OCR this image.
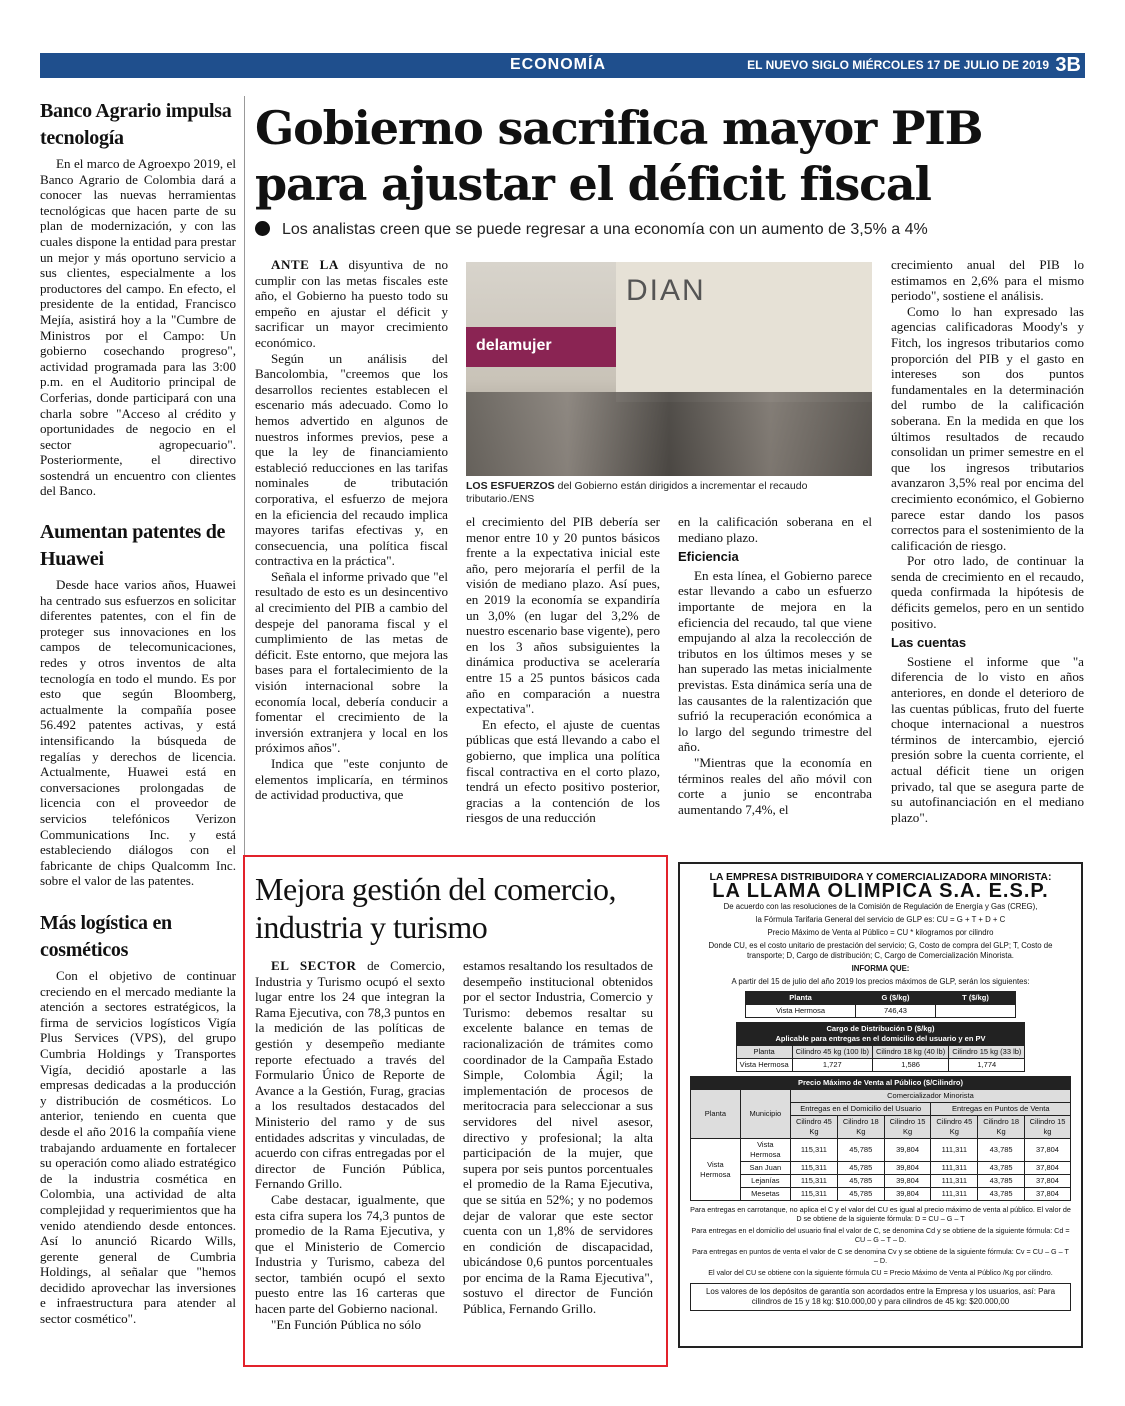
ECONOMÍA	EL NUEVO SIGLO MIÉRCOLES 17 DE JULIO DE 2019 3B
Banco Agrario impulsa tecnología

En el marco de Agroexpo 2019, el Banco Agrario de Colombia dará a conocer las nuevas herramientas tecnológicas que hacen parte de su plan de modernización, y con las cuales dispone la entidad para prestar un mejor y más oportuno servicio a sus clientes, especialmente a los productores del campo. En efecto, el presidente de la entidad, Francisco Mejía, asistirá hoy a la "Cumbre de Ministros por el Campo: Un gobierno cosechando progreso", actividad programada para las 3:00 p.m. en el Auditorio principal de Corferias, donde participará con una charla sobre "Acceso al crédito y oportunidades de negocio en el sector agropecuario". Posteriormente, el directivo sostendrá un encuentro con clientes del Banco.

Aumentan patentes de Huawei

Desde hace varios años, Huawei ha centrado sus esfuerzos en solicitar diferentes patentes, con el fin de proteger sus innovaciones en los campos de telecomunicaciones, redes y otros inventos de alta tecnología en todo el mundo. Es por esto que según Bloomberg, actualmente la compañía posee 56.492 patentes activas, y está intensificando la búsqueda de regalías y derechos de licencia. Actualmente, Huawei está en conversaciones prolongadas de licencia con el proveedor de servicios telefónicos Verizon Communications Inc. y está estableciendo diálogos con el fabricante de chips Qualcomm Inc. sobre el valor de las patentes.

Más logística en cosméticos

Con el objetivo de continuar creciendo en el mercado mediante la atención a sectores estratégicos, la firma de servicios logísticos Vigía Plus Services (VPS), del grupo Cumbria Holdings y Transportes Vigía, decidió apostarle a las empresas dedicadas a la producción y distribución de cosméticos. Lo anterior, teniendo en cuenta que desde el año 2016 la compañía viene trabajando arduamente en fortalecer su operación como aliado estratégico de la industria cosmética en Colombia, una actividad de alta complejidad y requerimientos que ha venido atendiendo desde entonces. Así lo anunció Ricardo Wills, gerente general de Cumbria Holdings, al señalar que "hemos decidido aprovechar las inversiones e infraestructura para atender al sector cosmético".

Gobierno sacrifica mayor PIB para ajustar el déficit fiscal
Los analistas creen que se puede regresar a una economía con un aumento de 3,5% a 4%

ANTE LA disyuntiva de no cumplir con las metas fiscales este año, el Gobierno ha puesto todo su empeño en ajustar el déficit y sacrificar un mayor crecimiento económico.

Según un análisis del Bancolombia, "creemos que los desarrollos recientes establecen el escenario más adecuado. Como lo hemos advertido en algunos de nuestros informes previos, pese a que la ley de financiamiento estableció reducciones en las tarifas nominales de tributación corporativa, el esfuerzo de mejora en la eficiencia del recaudo implica mayores tarifas efectivas y, en consecuencia, una política fiscal contractiva en la práctica".

Señala el informe privado que "el resultado de esto es un desincentivo al crecimiento del PIB a cambio del despeje del panorama fiscal y el cumplimiento de las metas de déficit. Este entorno, que mejora las bases para el fortalecimiento de la visión internacional sobre la economía local, debería conducir a fomentar el crecimiento de la inversión extranjera y local en los próximos años".

Indica que "este conjunto de elementos implicaría, en términos de actividad productiva, que

DIAN
delamujer
LOS ESFUERZOS del Gobierno están dirigidos a incrementar el recaudo tributario./ENS

el crecimiento del PIB debería ser menor entre 10 y 20 puntos básicos frente a la expectativa inicial este año, pero mejoraría el perfil de la visión de mediano plazo. Así pues, en 2019 la economía se expandiría un 3,0% (en lugar del 3,2% de nuestro escenario base vigente), pero en los 3 años subsiguientes la dinámica productiva se aceleraría entre 15 a 25 puntos básicos cada año en comparación a nuestra expectativa".

En efecto, el ajuste de cuentas públicas que está llevando a cabo el gobierno, que implica una política fiscal contractiva en el corto plazo, tendrá un efecto positivo posterior, gracias a la contención de los riesgos de una reducción

en la calificación soberana en el mediano plazo.

Eficiencia

En esta línea, el Gobierno parece estar llevando a cabo un esfuerzo importante de mejora en la eficiencia del recaudo, tal que viene empujando al alza la recolección de tributos en los últimos meses y se han superado las metas inicialmente previstas. Esta dinámica sería una de las causantes de la ralentización que sufrió la recuperación económica a lo largo del segundo trimestre del año.

"Mientras que la economía en términos reales del año móvil con corte a junio se encontraba aumentando 7,4%, el

crecimiento anual del PIB lo estimamos en 2,6% para el mismo periodo", sostiene el análisis.

Como lo han expresado las agencias calificadoras Moody's y Fitch, los ingresos tributarios como proporción del PIB y el gasto en intereses son dos puntos fundamentales en la determinación del rumbo de la calificación soberana. En la medida en que los últimos resultados de recaudo consolidan un primer semestre en el que los ingresos tributarios avanzaron 3,5% real por encima del crecimiento económico, el Gobierno parece estar dando los pasos correctos para el sostenimiento de la calificación de riesgo.

Por otro lado, de continuar la senda de crecimiento en el recaudo, queda confirmada la hipótesis de déficits gemelos, pero en un sentido positivo.

Las cuentas

Sostiene el informe que "a diferencia de lo visto en años anteriores, en donde el deterioro de las cuentas públicas, fruto del fuerte choque internacional a nuestros términos de intercambio, ejerció presión sobre la cuenta corriente, el actual déficit tiene un origen privado, tal que se asegura parte de su autofinanciación en el mediano plazo".

Mejora gestión del comercio, industria y turismo

EL SECTOR de Comercio, Industria y Turismo ocupó el sexto lugar entre los 24 que integran la Rama Ejecutiva, con 78,3 puntos en la medición de las políticas de gestión y desempeño mediante reporte efectuado a través del Formulario Único de Reporte de Avance a la Gestión, Furag, gracias a los resultados destacados del Ministerio del ramo y de sus entidades adscritas y vinculadas, de acuerdo con cifras entregadas por el director de Función Pública, Fernando Grillo.

Cabe destacar, igualmente, que esta cifra supera los 74,3 puntos de promedio de la Rama Ejecutiva, y que el Ministerio de Comercio Industria y Turismo, cabeza del sector, también ocupó el sexto puesto entre las 16 carteras que hacen parte del Gobierno nacional.

"En Función Pública no sólo

estamos resaltando los resultados de desempeño institucional obtenidos por el sector Industria, Comercio y Turismo: debemos resaltar su excelente balance en temas de racionalización de trámites como coordinador de la Campaña Estado Simple, Colombia Ágil; la implementación de procesos de meritocracia para seleccionar a sus servidores del nivel asesor, directivo y profesional; la alta participación de la mujer, que supera por seis puntos porcentuales el promedio de la Rama Ejecutiva, que se sitúa en 52%; y no podemos dejar de valorar que este sector cuenta con un 1,8% de servidores en condición de discapacidad, ubicándose 0,6 puntos porcentuales por encima de la Rama Ejecutiva", sostuvo el director de Función Pública, Fernando Grillo.

LA EMPRESA DISTRIBUIDORA Y COMERCIALIZADORA MINORISTA:
LA LLAMA OLIMPICA S.A. E.S.P.
De acuerdo con las resoluciones de la Comisión de Regulación de Energía y Gas (CREG),
la Fórmula Tarifaria General del servicio de GLP es: CU = G + T + D + C
Precio Máximo de Venta al Público = CU * kilogramos por cilindro
Donde CU, es el costo unitario de prestación del servicio; G, Costo de compra del GLP; T, Costo de transporte; D, Cargo de distribución; C, Cargo de Comercialización Minorista.
INFORMA QUE:
A partir del 15 de julio del año 2019 los precios máximos de GLP, serán los siguientes:
Planta	G ($/kg)	T ($/kg)
Vista Hermosa	746,43	
Cargo de Distribución D ($/kg)
Aplicable para entregas en el domicilio del usuario y en PV			
Planta	Cilindro 45 kg (100 lb)	Cilindro 18 kg (40 lb)	Cilindro 15 kg (33 lb)
Vista Hermosa	1,727	1,586	1,774
Precio Máximo de Venta al Público ($/Cilindro)							
Planta	Municipio	Comercializador Minorista					
		Entregas en el Domicilio del Usuario			Entregas en Puntos de Venta		
		Cilindro 45 Kg	Cilindro 18 Kg	Cilindro 15 Kg	Cilindro 45 Kg	Cilindro 18 Kg	Cilindro 15 kg
Vista Hermosa	Vista Hermosa	115,311	45,785	39,804	111,311	43,785	37,804
	San Juan	115,311	45,785	39,804	111,311	43,785	37,804
	Lejanías	115,311	45,785	39,804	111,311	43,785	37,804
	Mesetas	115,311	45,785	39,804	111,311	43,785	37,804
Para entregas en carrotanque, no aplica el C y el valor del CU es igual al precio máximo de venta al público. El valor de D se obtiene de la siguiente fórmula: D = CU – G – T
Para entregas en el domicilio del usuario final el valor de C, se denomina Cd y se obtiene de la siguiente fórmula: Cd = CU – G – T – D.
Para entregas en puntos de venta el valor de C se denomina Cv y se obtiene de la siguiente fórmula: Cv = CU – G – T – D.
El valor del CU se obtiene con la siguiente fórmula CU = Precio Máximo de Venta al Público /Kg por cilindro.
Los valores de los depósitos de garantía son acordados entre la Empresa y los usuarios, así: Para cilindros de 15 y 18 kg: $10.000,00 y para cilindros de 45 kg: $20.000,00
